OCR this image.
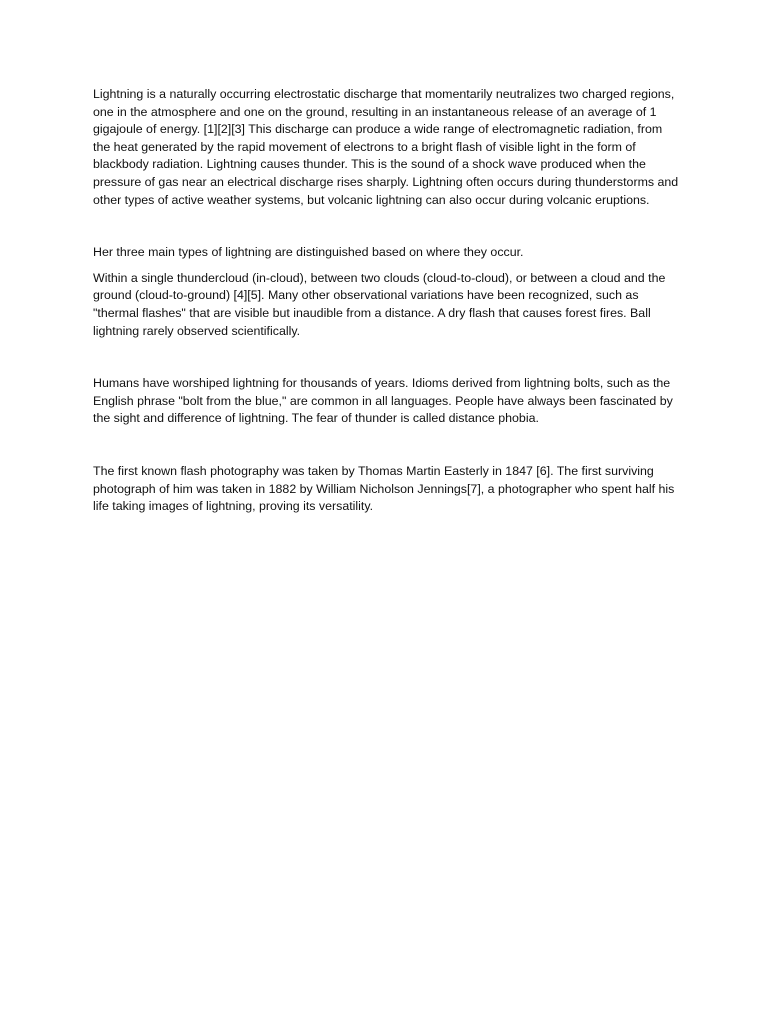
Lightning is a naturally occurring electrostatic discharge that momentarily neutralizes two charged regions, one in the atmosphere and one on the ground, resulting in an instantaneous release of an average of 1 gigajoule of energy. [1][2][3] This discharge can produce a wide range of electromagnetic radiation, from the heat generated by the rapid movement of electrons to a bright flash of visible light in the form of blackbody radiation. Lightning causes thunder. This is the sound of a shock wave produced when the pressure of gas near an electrical discharge rises sharply. Lightning often occurs during thunderstorms and other types of active weather systems, but volcanic lightning can also occur during volcanic eruptions.

Her three main types of lightning are distinguished based on where they occur.

Within a single thundercloud (in-cloud), between two clouds (cloud-to-cloud), or between a cloud and the ground (cloud-to-ground) [4][5]. Many other observational variations have been recognized, such as "thermal flashes" that are visible but inaudible from a distance. A dry flash that causes forest fires. Ball lightning rarely observed scientifically.

Humans have worshiped lightning for thousands of years. Idioms derived from lightning bolts, such as the English phrase "bolt from the blue," are common in all languages. People have always been fascinated by the sight and difference of lightning. The fear of thunder is called distance phobia.

The first known flash photography was taken by Thomas Martin Easterly in 1847 [6]. The first surviving photograph of him was taken in 1882 by William Nicholson Jennings[7], a photographer who spent half his life taking images of lightning, proving its versatility.
